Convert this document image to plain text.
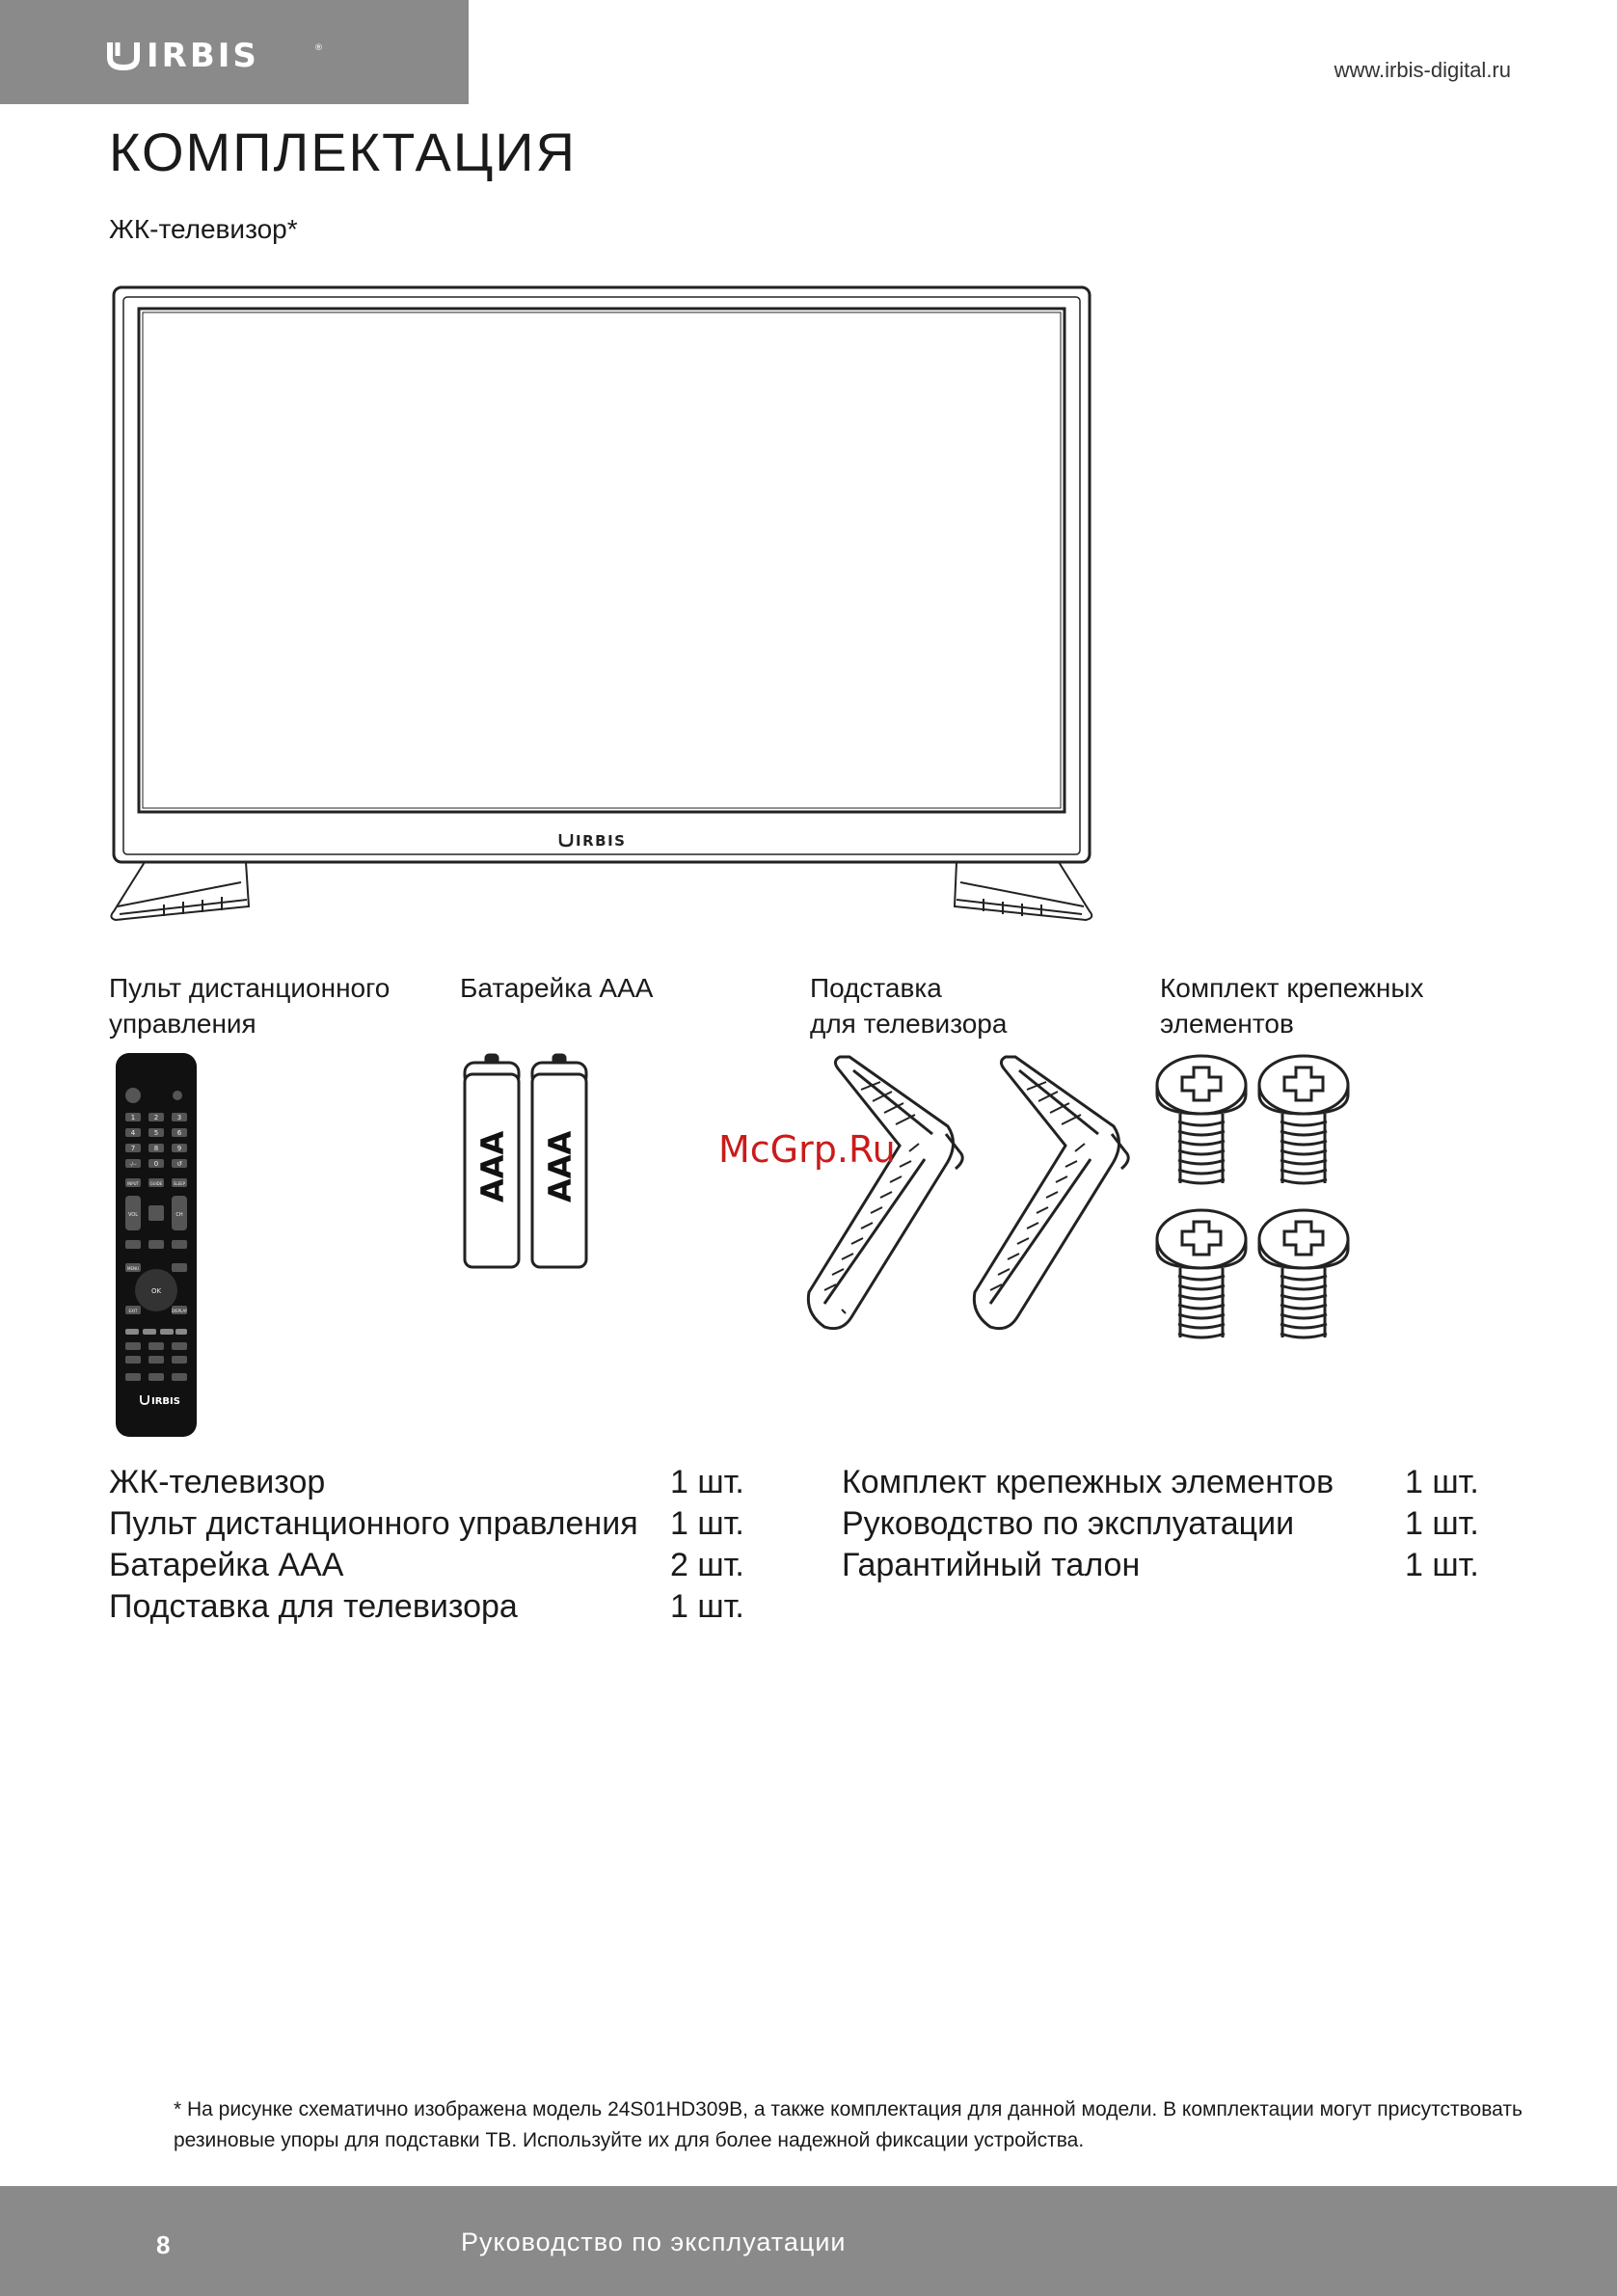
IRBIS	®
www.irbis-digital.ru
КОМПЛЕКТАЦИЯ
ЖК-телевизор*
IRBIS
Пульт дистанционного
управления
Батарейка AAA	Подставка
для телевизора
Комплект крепежных
элементов
1	2	3
4	5	6
7	8	9
-/--	0	↺
INPUT	GUIDE	SLEEP
VOL	CH
MENU
OK
EXIT	DISPLAY
IRBIS
AAA AAA	McGrp.Ru
ЖК-телевизор	1 шт.
Пульт дистанционного управления	1 шт.
Батарейка AAA	2 шт.
Подставка для телевизора	1 шт.
Комплект крепежных элементов	1 шт.
Руководство по эксплуатации	1 шт.
Гарантийный талон	1 шт.
* На рисунке схематично изображена модель 24S01HD309B, а также комплектация для данной модели. В комплектации могут присутствовать резиновые упоры для подставки ТВ. Используйте их для более надежной фиксации устройства.
8	Руководство по эксплуатации
